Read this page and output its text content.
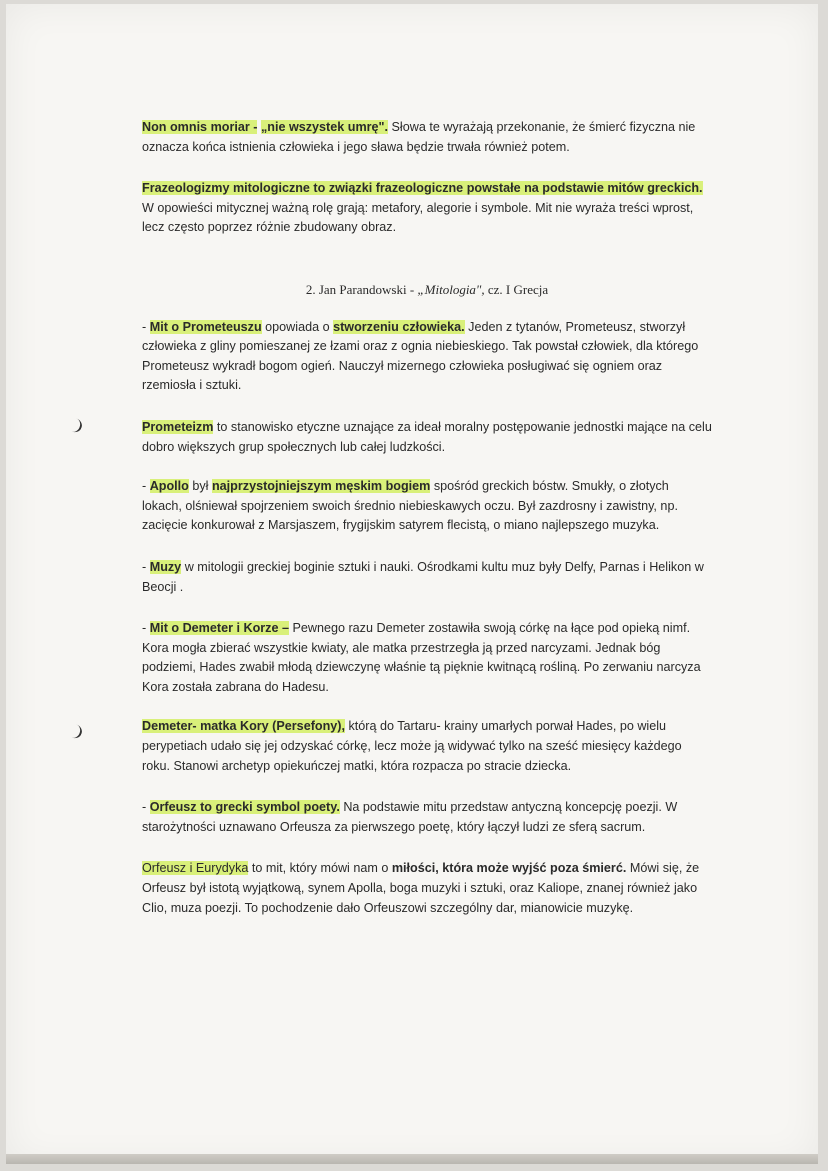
Non omnis moriar - „nie wszystek umrę". Słowa te wyrażają przekonanie, że śmierć fizyczna nie oznacza końca istnienia człowieka i jego sława będzie trwała również potem.

Frazeologizmy mitologiczne to związki frazeologiczne powstałe na podstawie mitów greckich. W opowieści mitycznej ważną rolę grają: metafory, alegorie i symbole. Mit nie wyraża treści wprost, lecz często poprzez różnie zbudowany obraz.

2. Jan Parandowski - „Mitologia", cz. I Grecja

- Mit o Prometeuszu opowiada o stworzeniu człowieka. Jeden z tytanów, Prometeusz, stworzył człowieka z gliny pomieszanej ze łzami oraz z ognia niebieskiego. Tak powstał człowiek, dla którego Prometeusz wykradł bogom ogień. Nauczył mizernego człowieka posługiwać się ogniem oraz rzemiosła i sztuki.

Prometeizm to stanowisko etyczne uznające za ideał moralny postępowanie jednostki mające na celu dobro większych grup społecznych lub całej ludzkości.

- Apollo był najprzystojniejszym męskim bogiem spośród greckich bóstw. Smukły, o złotych lokach, olśniewał spojrzeniem swoich średnio niebieskawych oczu. Był zazdrosny i zawistny, np. zacięcie konkurował z Marsjaszem, frygijskim satyrem flecistą, o miano najlepszego muzyka.

- Muzy w mitologii greckiej boginie sztuki i nauki. Ośrodkami kultu muz były Delfy, Parnas i Helikon w Beocji .

- Mit o Demeter i Korze – Pewnego razu Demeter zostawiła swoją córkę na łące pod opieką nimf. Kora mogła zbierać wszystkie kwiaty, ale matka przestrzegła ją przed narcyzami. Jednak bóg podziemi, Hades zwabił młodą dziewczynę właśnie tą pięknie kwitnącą rośliną. Po zerwaniu narcyza Kora została zabrana do Hadesu.

Demeter- matka Kory (Persefony), którą do Tartaru- krainy umarłych porwał Hades, po wielu perypetiach udało się jej odzyskać córkę, lecz może ją widywać tylko na sześć miesięcy każdego roku. Stanowi archetyp opiekuńczej matki, która rozpacza po stracie dziecka.

- Orfeusz to grecki symbol poety. Na podstawie mitu przedstaw antyczną koncepcję poezji. W starożytności uznawano Orfeusza za pierwszego poetę, który łączył ludzi ze sferą sacrum.

Orfeusz i Eurydyka to mit, który mówi nam o miłości, która może wyjść poza śmierć. Mówi się, że Orfeusz był istotą wyjątkową, synem Apolla, boga muzyki i sztuki, oraz Kaliope, znanej również jako Clio, muza poezji. To pochodzenie dało Orfeuszowi szczególny dar, mianowicie muzykę.
